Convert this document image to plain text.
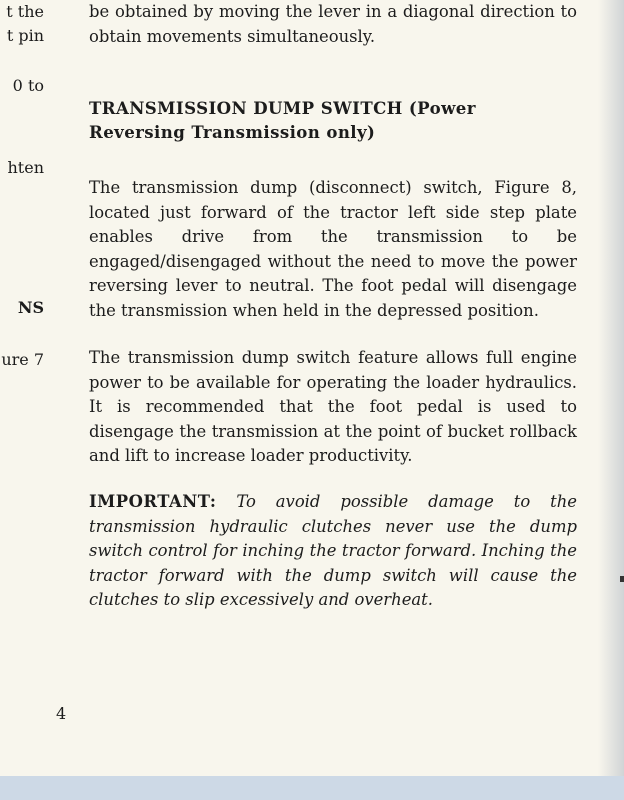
t the
t pin
0 to
hten
NS
ure 7

be obtained by moving the lever in a diagonal direction to obtain movements simultaneously.

TRANSMISSION DUMP SWITCH (Power Reversing Transmission only)

The transmission dump (disconnect) switch, Figure 8, located just forward of the tractor left side step plate enables drive from the transmission to be engaged/disengaged without the need to move the power reversing lever to neutral. The foot pedal will disengage the transmission when held in the depressed position.

The transmission dump switch feature allows full engine power to be available for operating the loader hydraulics. It is recommended that the foot pedal is used to disengage the transmission at the point of bucket rollback and lift to increase loader productivity.

IMPORTANT: To avoid possible damage to the transmission hydraulic clutches never use the dump switch control for inching the tractor forward. Inching the tractor forward with the dump switch will cause the clutches to slip excessively and overheat.

4
